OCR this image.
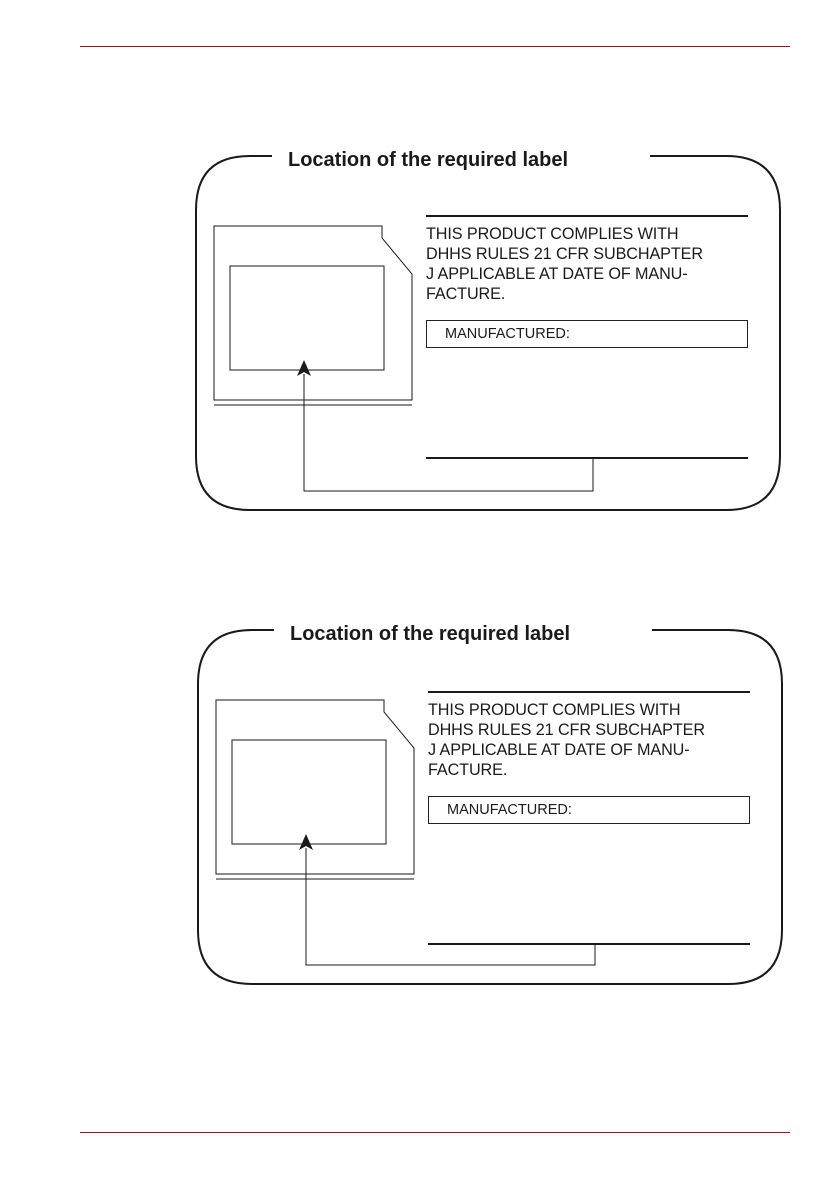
Location of the required label
THIS PRODUCT COMPLIES WITH
DHHS RULES 21 CFR SUBCHAPTER
J APPLICABLE AT DATE OF MANU-
FACTURE.
MANUFACTURED:
Location of the required label
THIS PRODUCT COMPLIES WITH
DHHS RULES 21 CFR SUBCHAPTER
J APPLICABLE AT DATE OF MANU-
FACTURE.
MANUFACTURED:
